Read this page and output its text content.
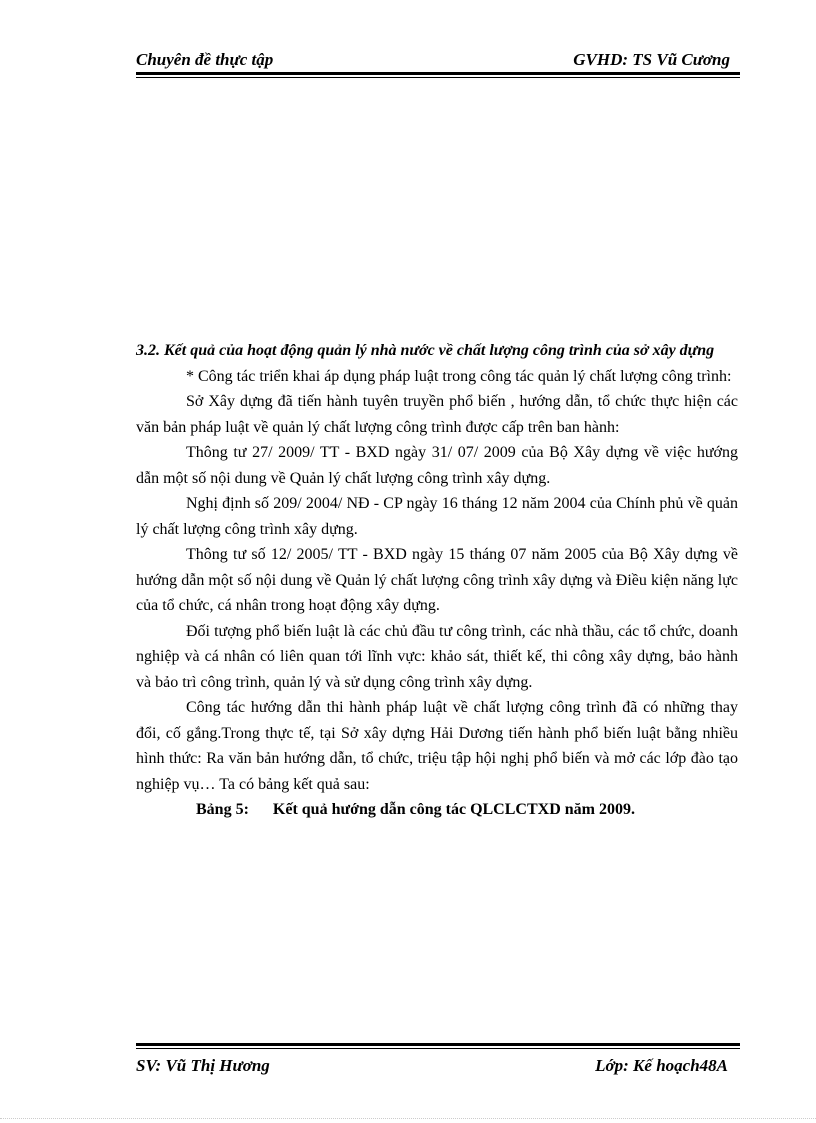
Chuyên đề thực tập	GVHD: TS Vũ Cương

3.2. Kết quả của hoạt động quản lý nhà nước về chất lượng công trình của sở xây dựng

* Công tác triển khai áp dụng pháp luật trong công tác quản lý chất lượng công trình:

Sở Xây dựng đã tiến hành tuyên truyền phổ biến , hướng dẫn, tổ chức thực hiện các văn bản pháp luật về quản lý chất lượng công trình được cấp trên ban hành:

Thông tư 27/ 2009/ TT - BXD ngày 31/ 07/ 2009 của Bộ Xây dựng về việc hướng dẫn một số nội dung về Quản lý chất lượng công trình xây dựng.

Nghị định số 209/ 2004/ NĐ - CP ngày 16 tháng 12 năm 2004 của Chính phủ về quản lý chất lượng công trình xây dựng.

Thông tư số 12/ 2005/ TT - BXD ngày 15 tháng 07 năm 2005 của Bộ Xây dựng về hướng dẫn một số nội dung về Quản lý chất lượng công trình xây dựng và Điều kiện năng lực của tổ chức, cá nhân trong hoạt động xây dựng.

Đối tượng phổ biến luật là các chủ đầu tư công trình, các nhà thầu, các tổ chức, doanh nghiệp và cá nhân có liên quan tới lĩnh vực: khảo sát, thiết kế, thi công xây dựng, bảo hành và bảo trì công trình, quản lý và sử dụng công trình xây dựng.

Công tác hướng dẫn thi hành pháp luật về chất lượng công trình đã có những thay đổi, cố gắng.Trong thực tế, tại Sở xây dựng Hải Dương tiến hành phổ biến luật bằng nhiều hình thức: Ra văn bản hướng dẫn, tổ chức, triệu tập hội nghị phổ biến và mở các lớp đào tạo nghiệp vụ… Ta có bảng kết quả sau:

Bảng 5: Kết quả hướng dẫn công tác QLCLCTXD năm 2009.

SV: Vũ Thị Hương	Lớp: Kế hoạch48A
